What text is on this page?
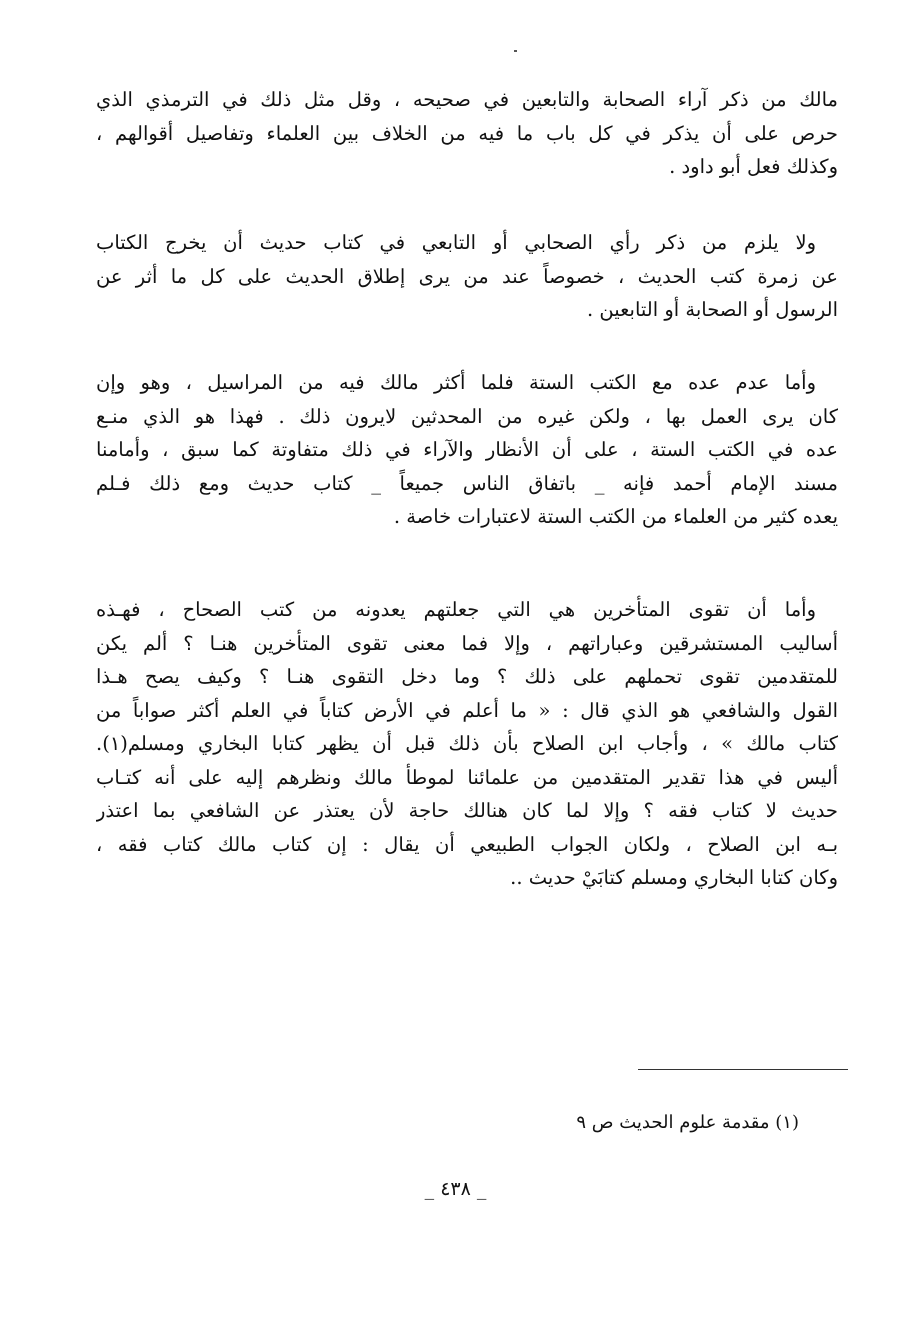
مالك من ذكر آراء الصحابة والتابعين في صحيحه ، وقل مثل ذلك في الترمذي الذي
حرص على أن يذكر في كل باب ما فيه من الخلاف بين العلماء وتفاصيل أقوالهم ،
وكذلك فعل أبو داود .
ولا يلزم من ذكر رأي الصحابي أو التابعي في كتاب حديث أن يخرج الكتاب
عن زمرة كتب الحديث ، خصوصاً عند من يرى إطلاق الحديث على كل ما أثر عن
الرسول أو الصحابة أو التابعين .
وأما عدم عده مع الكتب الستة فلما أكثر مالك فيه من المراسيل ، وهو وإن
كان يرى العمل بها ، ولكن غيره من المحدثين لايرون ذلك . فهذا هو الذي منـع
عده في الكتب الستة ، على أن الأنظار والآراء في ذلك متفاوتة كما سبق ، وأمامنا
مسند الإمام أحمد فإنه _ باتفاق الناس جميعاً _ كتاب حديث ومع ذلك فـلم
يعده كثير من العلماء من الكتب الستة لاعتبارات خاصة .
وأما أن تقوى المتأخرين هي التي جعلتهم يعدونه من كتب الصحاح ، فهـذه
أساليب المستشرقين وعباراتهم ، وإلا فما معنى تقوى المتأخرين هنـا ؟ ألم يكن
للمتقدمين تقوى تحملهم على ذلك ؟ وما دخل التقوى هنـا ؟ وكيف يصح هـذا
القول والشافعي هو الذي قال : « ما أعلم في الأرض كتاباً في العلم أكثر صواباً من
كتاب مالك » ، وأجاب ابن الصلاح بأن ذلك قبل أن يظهر كتابا البخاري ومسلم(١).
أليس في هذا تقدير المتقدمين من علمائنا لموطأ مالك ونظرهم إليه على أنه كتـاب
حديث لا كتاب فقه ؟ وإلا لما كان هنالك حاجة لأن يعتذر عن الشافعي بما اعتذر
بـه ابن الصلاح ، ولكان الجواب الطبيعي أن يقال : إن كتاب مالك كتاب فقه ،
وكان كتابا البخاري ومسلم كتابَيْ حديث ..
(١) مقدمة علوم الحديث ص ٩
_ ٤٣٨ _
